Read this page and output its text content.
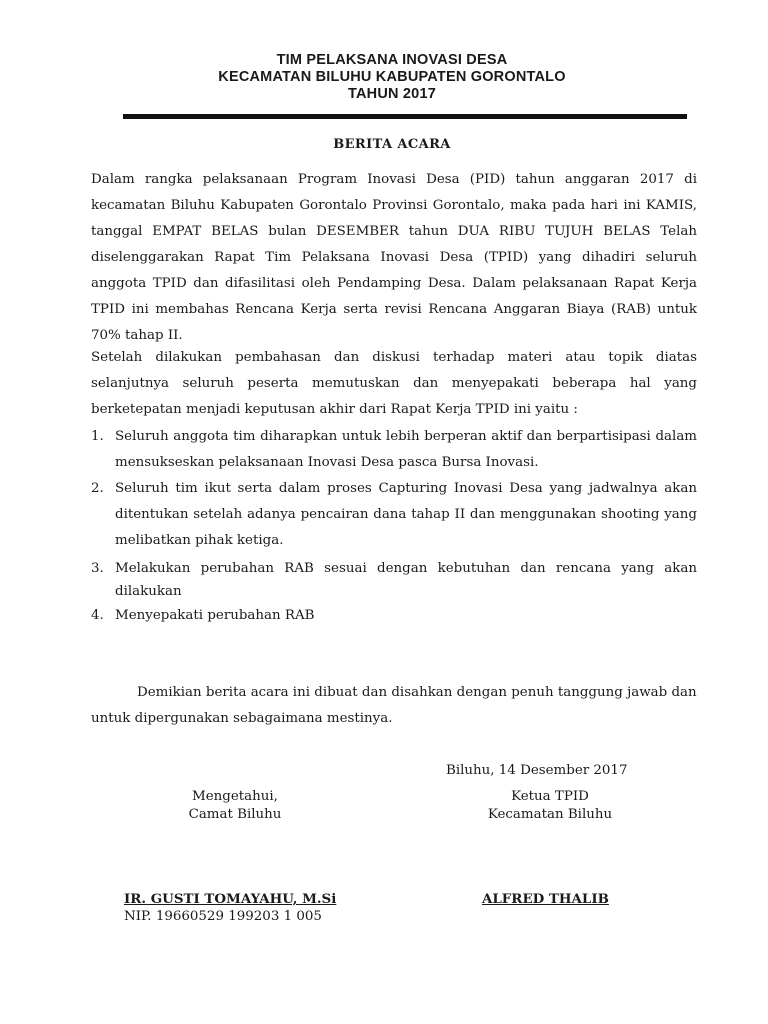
TIM PELAKSANA INOVASI DESA
KECAMATAN BILUHU KABUPATEN GORONTALO
TAHUN 2017
BERITA ACARA
Dalam rangka pelaksanaan Program Inovasi Desa (PID) tahun anggaran 2017 di kecamatan Biluhu Kabupaten Gorontalo Provinsi Gorontalo, maka pada hari ini KAMIS, tanggal EMPAT BELAS bulan DESEMBER tahun DUA RIBU TUJUH BELAS Telah diselenggarakan Rapat Tim Pelaksana Inovasi Desa (TPID) yang dihadiri seluruh anggota TPID dan difasilitasi oleh Pendamping Desa. Dalam pelaksanaan Rapat Kerja TPID ini membahas Rencana Kerja serta revisi Rencana Anggaran Biaya (RAB) untuk 70% tahap II.
Setelah dilakukan pembahasan dan diskusi terhadap materi atau topik diatas selanjutnya seluruh peserta memutuskan dan menyepakati beberapa hal yang berketepatan menjadi keputusan akhir dari Rapat Kerja TPID ini yaitu :
1. Seluruh anggota tim diharapkan untuk lebih berperan aktif dan berpartisipasi dalam mensukseskan pelaksanaan Inovasi Desa pasca Bursa Inovasi.
2. Seluruh tim ikut serta dalam proses Capturing Inovasi Desa yang jadwalnya akan ditentukan setelah adanya pencairan dana tahap II dan menggunakan shooting yang melibatkan pihak ketiga.
3. Melakukan perubahan RAB sesuai dengan kebutuhan dan rencana yang akan dilakukan
4. Menyepakati perubahan RAB
Demikian berita acara ini dibuat dan disahkan dengan penuh tanggung jawab dan untuk dipergunakan sebagaimana mestinya.
Biluhu, 14 Desember 2017
Mengetahui,
Camat Biluhu
Ketua TPID
Kecamatan Biluhu
IR. GUSTI TOMAYAHU, M.Si
NIP. 19660529 199203 1 005
ALFRED THALIB
